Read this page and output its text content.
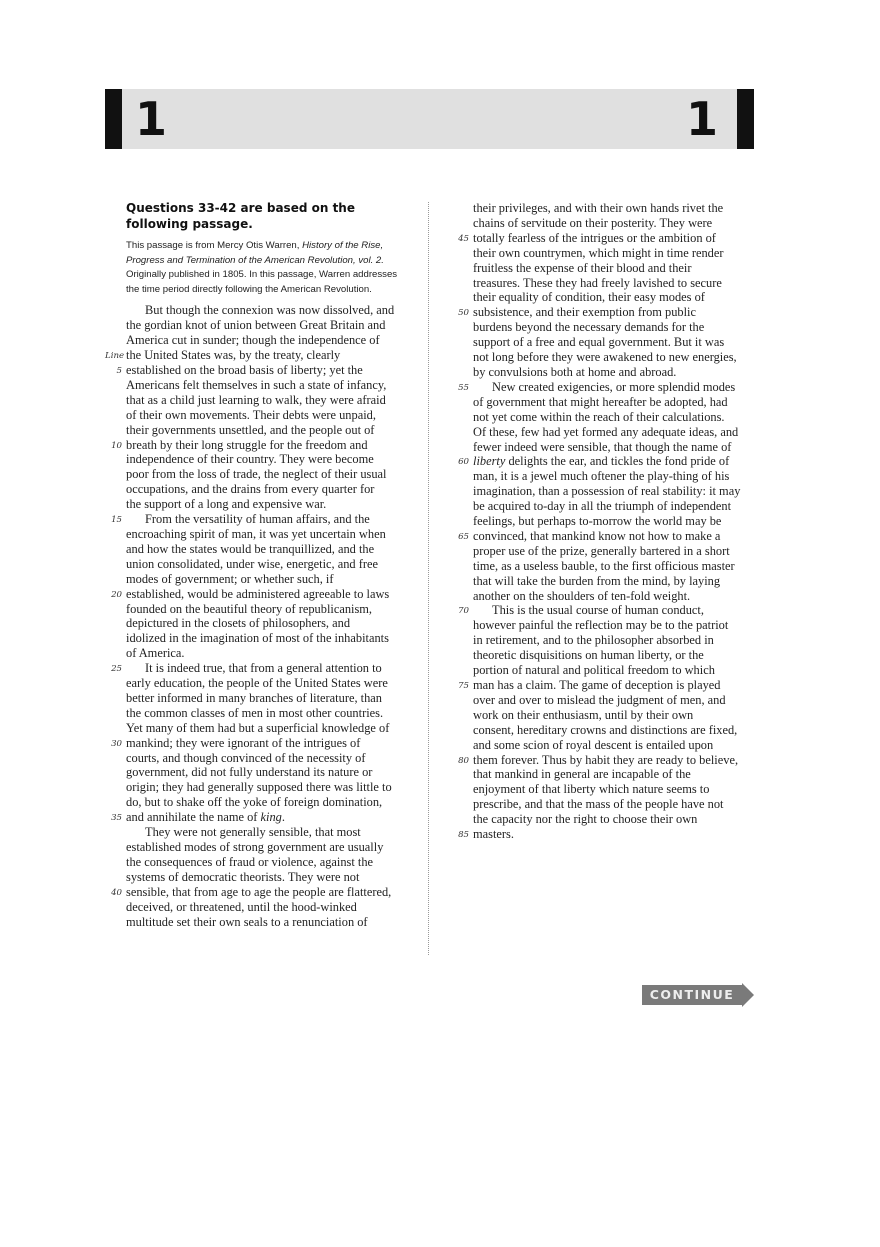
1	1
Questions 33-42 are based on the following passage.
This passage is from Mercy Otis Warren, History of the Rise, Progress and Termination of the American Revolution, vol. 2. Originally published in 1805. In this passage, Warren addresses the time period directly following the American Revolution.
But though the connexion was now dissolved, and
the gordian knot of union between Great Britain and
America cut in sunder; though the independence of
Line the United States was, by the treaty, clearly
5 established on the broad basis of liberty; yet the
Americans felt themselves in such a state of infancy,
that as a child just learning to walk, they were afraid
of their own movements. Their debts were unpaid,
their governments unsettled, and the people out of
10 breath by their long struggle for the freedom and
independence of their country. They were become
poor from the loss of trade, the neglect of their usual
occupations, and the drains from every quarter for
the support of a long and expensive war.
15 From the versatility of human affairs, and the
encroaching spirit of man, it was yet uncertain when
and how the states would be tranquillized, and the
union consolidated, under wise, energetic, and free
modes of government; or whether such, if
20 established, would be administered agreeable to laws
founded on the beautiful theory of republicanism,
depictured in the closets of philosophers, and
idolized in the imagination of most of the inhabitants
of America.
25 It is indeed true, that from a general attention to
early education, the people of the United States were
better informed in many branches of literature, than
the common classes of men in most other countries.
Yet many of them had but a superficial knowledge of
30 mankind; they were ignorant of the intrigues of
courts, and though convinced of the necessity of
government, did not fully understand its nature or
origin; they had generally supposed there was little to
do, but to shake off the yoke of foreign domination,
35 and annihilate the name of king.
They were not generally sensible, that most
established modes of strong government are usually
the consequences of fraud or violence, against the
systems of democratic theorists. They were not
40 sensible, that from age to age the people are flattered,
deceived, or threatened, until the hood-winked
multitude set their own seals to a renunciation of
their privileges, and with their own hands rivet the
chains of servitude on their posterity. They were
45 totally fearless of the intrigues or the ambition of
their own countrymen, which might in time render
fruitless the expense of their blood and their
treasures. These they had freely lavished to secure
their equality of condition, their easy modes of
50 subsistence, and their exemption from public
burdens beyond the necessary demands for the
support of a free and equal government. But it was
not long before they were awakened to new energies,
by convulsions both at home and abroad.
55 New created exigencies, or more splendid modes
of government that might hereafter be adopted, had
not yet come within the reach of their calculations.
Of these, few had yet formed any adequate ideas, and
fewer indeed were sensible, that though the name of
60 liberty delights the ear, and tickles the fond pride of
man, it is a jewel much oftener the play-thing of his
imagination, than a possession of real stability: it may
be acquired to-day in all the triumph of independent
feelings, but perhaps to-morrow the world may be
65 convinced, that mankind know not how to make a
proper use of the prize, generally bartered in a short
time, as a useless bauble, to the first officious master
that will take the burden from the mind, by laying
another on the shoulders of ten-fold weight.
70 This is the usual course of human conduct,
however painful the reflection may be to the patriot
in retirement, and to the philosopher absorbed in
theoretic disquisitions on human liberty, or the
portion of natural and political freedom to which
75 man has a claim. The game of deception is played
over and over to mislead the judgment of men, and
work on their enthusiasm, until by their own
consent, hereditary crowns and distinctions are fixed,
and some scion of royal descent is entailed upon
80 them forever. Thus by habit they are ready to believe,
that mankind in general are incapable of the
enjoyment of that liberty which nature seems to
prescribe, and that the mass of the people have not
the capacity nor the right to choose their own
85 masters.
CONTINUE
